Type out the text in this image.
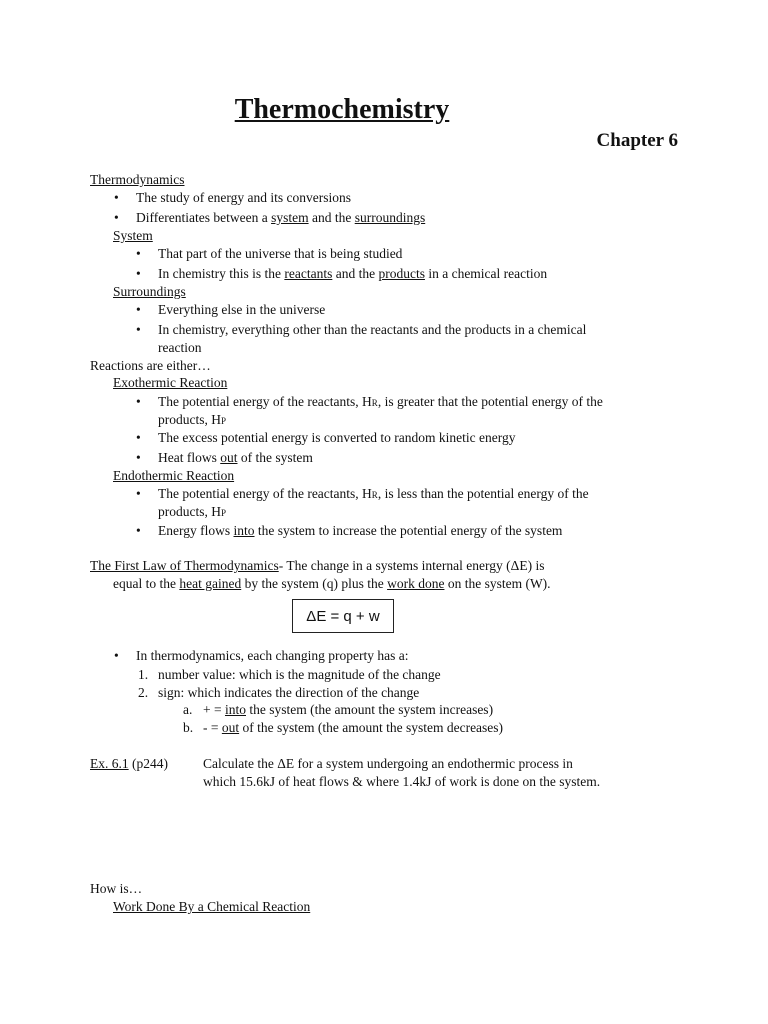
Thermochemistry
Chapter 6
Thermodynamics
• The study of energy and its conversions
• Differentiates between a system and the surroundings
System
• That part of the universe that is being studied
• In chemistry this is the reactants and the products in a chemical reaction
Surroundings
• Everything else in the universe
• In chemistry, everything other than the reactants and the products in a chemical
reaction
Reactions are either…
Exothermic Reaction
• The potential energy of the reactants, HR, is greater that the potential energy of the
products, HP
• The excess potential energy is converted to random kinetic energy
• Heat flows out of the system
Endothermic Reaction
• The potential energy of the reactants, HR, is less than the potential energy of the
products, HP
• Energy flows into the system to increase the potential energy of the system
The First Law of Thermodynamics- The change in a systems internal energy (ΔE) is
equal to the heat gained by the system (q) plus the work done on the system (W).
ΔE = q + w
• In thermodynamics, each changing property has a:
1. number value: which is the magnitude of the change
2. sign: which indicates the direction of the change
a. + = into the system (the amount the system increases)
b. - = out of the system (the amount the system decreases)
Ex. 6.1 (p244)	Calculate the ΔE for a system undergoing an endothermic process in
which 15.6kJ of heat flows & where 1.4kJ of work is done on the system.
How is…
Work Done By a Chemical Reaction
